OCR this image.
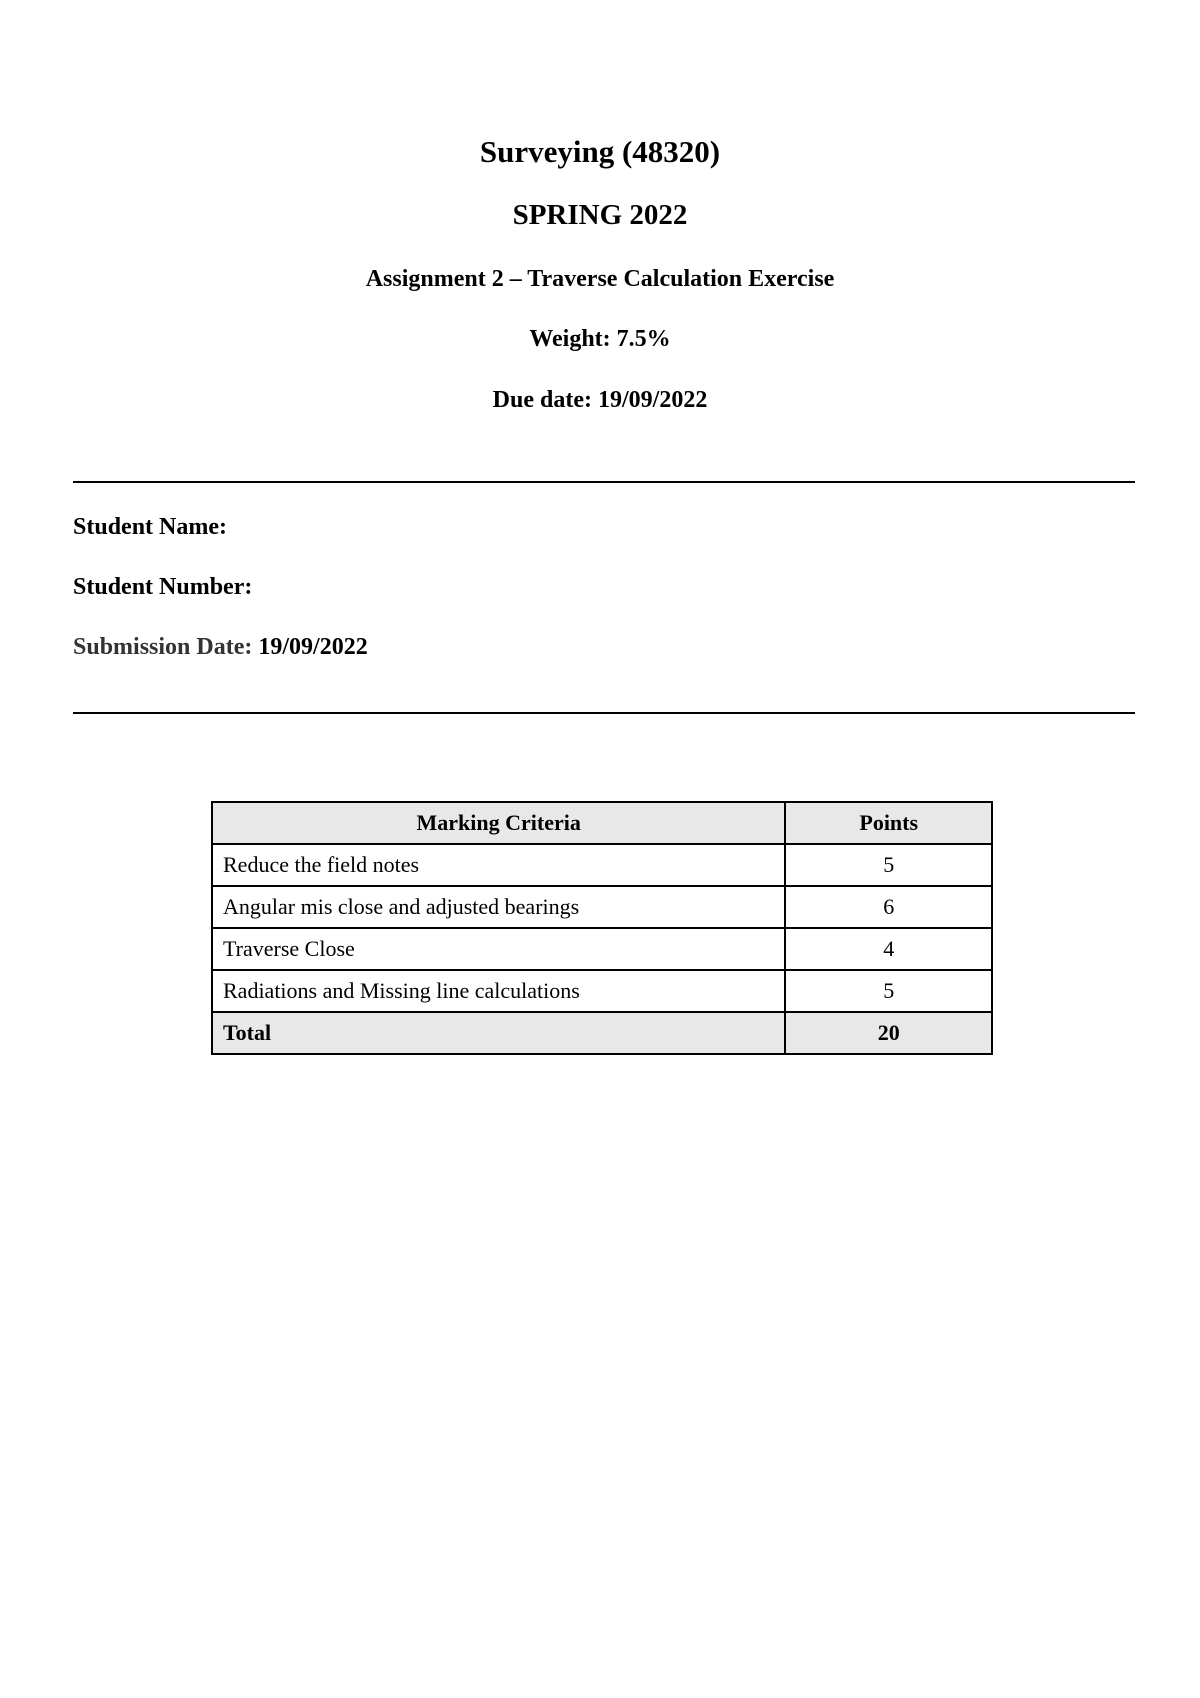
Surveying (48320)
SPRING 2022
Assignment 2 – Traverse Calculation Exercise
Weight: 7.5%
Due date: 19/09/2022
Student Name:
Student Number:
Submission Date: 19/09/2022
Marking Criteria	Points
Reduce the field notes	5
Angular mis close and adjusted bearings	6
Traverse Close	4
Radiations and Missing line calculations	5
Total	20
